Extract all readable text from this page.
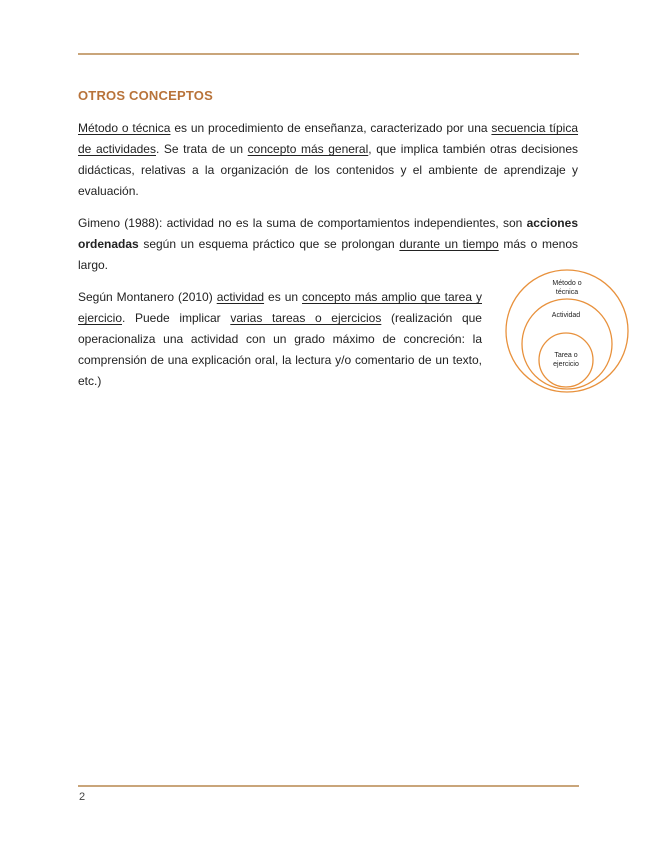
OTROS CONCEPTOS

Método o técnica es un procedimiento de enseñanza, caracterizado por una secuencia típica de actividades. Se trata de un concepto más general, que implica también otras decisiones didácticas, relativas a la organización de los contenidos y el ambiente de aprendizaje y evaluación.

Gimeno (1988): actividad no es la suma de comportamientos independientes, son acciones ordenadas según un esquema práctico que se prolongan durante un tiempo más o menos largo.

Según Montanero (2010) actividad es un concepto más amplio que tarea y ejercicio. Puede implicar varias tareas o ejercicios (realización que operacionaliza una actividad con un grado máximo de concreción: la comprensión de una explicación oral, la lectura y/o comentario de un texto, etc.)

Método o
técnica
Actividad
Tarea o
ejercicio

2
